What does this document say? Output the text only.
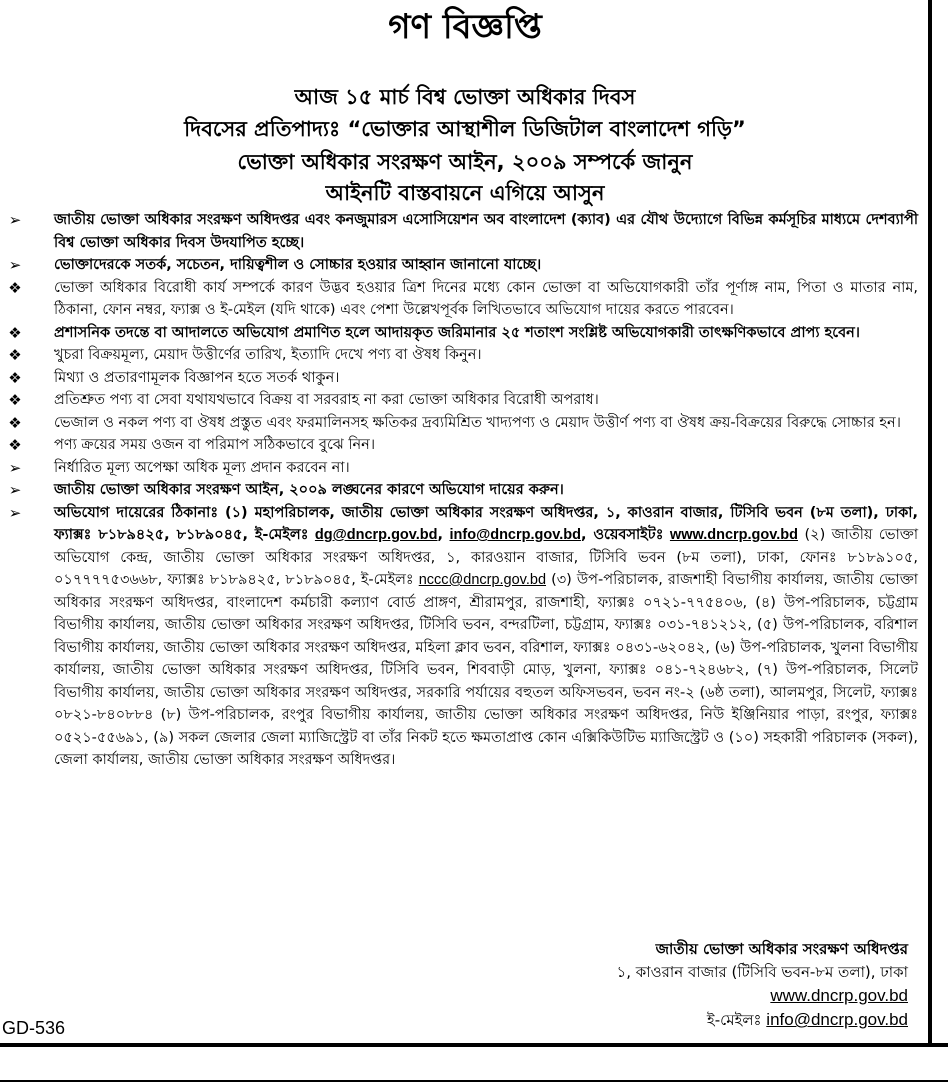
গণ বিজ্ঞপ্তি
আজ ১৫ মার্চ বিশ্ব ভোক্তা অধিকার দিবস
দিবসের প্রতিপাদ্যঃ “ভোক্তার আস্থাশীল ডিজিটাল বাংলাদেশ গড়ি”
ভোক্তা অধিকার সংরক্ষণ আইন, ২০০৯ সম্পর্কে জানুন
আইনটি বাস্তবায়নে এগিয়ে আসুন
➢	জাতীয় ভোক্তা অধিকার সংরক্ষণ অধিদপ্তর এবং কনজুমারস এসোসিয়েশন অব বাংলাদেশ (ক্যাব) এর যৌথ উদ্যোগে বিভিন্ন কর্মসূচির মাধ্যমে দেশব্যাপী বিশ্ব ভোক্তা অধিকার দিবস উদযাপিত হচ্ছে।
➢	ভোক্তাদেরকে সতর্ক, সচেতন, দায়িত্বশীল ও সোচ্চার হওয়ার আহ্বান জানানো যাচ্ছে।
❖ ভোক্তা অধিকার বিরোধী কার্য সম্পর্কে কারণ উদ্ভব হওয়ার ত্রিশ দিনের মধ্যে কোন ভোক্তা বা অভিযোগকারী তাঁর পূর্ণাঙ্গ নাম, পিতা ও মাতার নাম, ঠিকানা, ফোন নম্বর, ফ্যাক্স ও ই-মেইল (যদি থাকে) এবং পেশা উল্লেখপূর্বক লিখিতভাবে অভিযোগ দায়ের করতে পারবেন।
❖ প্রশাসনিক তদন্তে বা আদালতে অভিযোগ প্রমাণিত হলে আদায়কৃত জরিমানার ২৫ শতাংশ সংশ্লিষ্ট অভিযোগকারী তাৎক্ষণিকভাবে প্রাপ্য হবেন।
❖ খুচরা বিক্রয়মূল্য, মেয়াদ উত্তীর্ণের তারিখ, ইত্যাদি দেখে পণ্য বা ঔষধ কিনুন।
❖ মিথ্যা ও প্রতারণামূলক বিজ্ঞাপন হতে সতর্ক থাকুন।
❖ প্রতিশ্রুত পণ্য বা সেবা যথাযথভাবে বিক্রয় বা সরবরাহ না করা ভোক্তা অধিকার বিরোধী অপরাধ।
❖ ভেজাল ও নকল পণ্য বা ঔষধ প্রস্তুত এবং ফরমালিনসহ ক্ষতিকর দ্রব্যমিশ্রিত খাদ্যপণ্য ও মেয়াদ উত্তীর্ণ পণ্য বা ঔষধ ক্রয়-বিক্রয়ের বিরুদ্ধে সোচ্চার হন।
❖ পণ্য ক্রয়ের সময় ওজন বা পরিমাপ সঠিকভাবে বুঝে নিন।
➢	নির্ধারিত মূল্য অপেক্ষা অধিক মূল্য প্রদান করবেন না।
➢	জাতীয় ভোক্তা অধিকার সংরক্ষণ আইন, ২০০৯ লঙ্ঘনের কারণে অভিযোগ দায়ের করুন।
➢	অভিযোগ দায়েরের ঠিকানাঃ (১) মহাপরিচালক, জাতীয় ভোক্তা অধিকার সংরক্ষণ অধিদপ্তর, ১, কাওরান বাজার, টিসিবি ভবন (৮ম তলা), ঢাকা, ফ্যাক্সঃ ৮১৮৯৪২৫, ৮১৮৯০৪৫, ই-মেইলঃ dg@dncrp.gov.bd, info@dncrp.gov.bd, ওয়েবসাইটঃ www.dncrp.gov.bd (২) জাতীয় ভোক্তা অভিযোগ কেন্দ্র, জাতীয় ভোক্তা অধিকার সংরক্ষণ অধিদপ্তর, ১, কারওয়ান বাজার, টিসিবি ভবন (৮ম তলা), ঢাকা, ফোনঃ ৮১৮৯১০৫, ০১৭৭৭৭৫৩৬৬৮, ফ্যাক্সঃ ৮১৮৯৪২৫, ৮১৮৯০৪৫, ই-মেইলঃ nccc@dncrp.gov.bd (৩) উপ-পরিচালক, রাজশাহী বিভাগীয় কার্যালয়, জাতীয় ভোক্তা অধিকার সংরক্ষণ অধিদপ্তর, বাংলাদেশ কর্মচারী কল্যাণ বোর্ড প্রাঙ্গণ, শ্রীরামপুর, রাজশাহী, ফ্যাক্সঃ ০৭২১-৭৭৫৪০৬, (৪) উপ-পরিচালক, চট্টগ্রাম বিভাগীয় কার্যালয়, জাতীয় ভোক্তা অধিকার সংরক্ষণ অধিদপ্তর, টিসিবি ভবন, বন্দরটিলা, চট্টগ্রাম, ফ্যাক্সঃ ০৩১-৭৪১২১২, (৫) উপ-পরিচালক, বরিশাল বিভাগীয় কার্যালয়, জাতীয় ভোক্তা অধিকার সংরক্ষণ অধিদপ্তর, মহিলা ক্লাব ভবন, বরিশাল, ফ্যাক্সঃ ০৪৩১-৬২০৪২, (৬) উপ-পরিচালক, খুলনা বিভাগীয় কার্যালয়, জাতীয় ভোক্তা অধিকার সংরক্ষণ অধিদপ্তর, টিসিবি ভবন, শিববাড়ী মোড়, খুলনা, ফ্যাক্সঃ ০৪১-৭২৪৬৮২, (৭) উপ-পরিচালক, সিলেট বিভাগীয় কার্যালয়, জাতীয় ভোক্তা অধিকার সংরক্ষণ অধিদপ্তর, সরকারি পর্যায়ের বহুতল অফিসভবন, ভবন নং-২ (৬ষ্ঠ তলা), আলমপুর, সিলেট, ফ্যাক্সঃ ০৮২১-৮৪০৮৮৪ (৮) উপ-পরিচালক, রংপুর বিভাগীয় কার্যালয়, জাতীয় ভোক্তা অধিকার সংরক্ষণ অধিদপ্তর, নিউ ইঞ্জিনিয়ার পাড়া, রংপুর, ফ্যাক্সঃ ০৫২১-৫৫৬৯১, (৯) সকল জেলার জেলা ম্যাজিস্ট্রেট বা তাঁর নিকট হতে ক্ষমতাপ্রাপ্ত কোন এক্সিকিউটিভ ম্যাজিস্ট্রেট ও (১০) সহকারী পরিচালক (সকল), জেলা কার্যালয়, জাতীয় ভোক্তা অধিকার সংরক্ষণ অধিদপ্তর।
জাতীয় ভোক্তা অধিকার সংরক্ষণ অধিদপ্তর
১, কাওরান বাজার (টিসিবি ভবন-৮ম তলা), ঢাকা
www.dncrp.gov.bd
ই-মেইলঃ info@dncrp.gov.bd
GD-536
